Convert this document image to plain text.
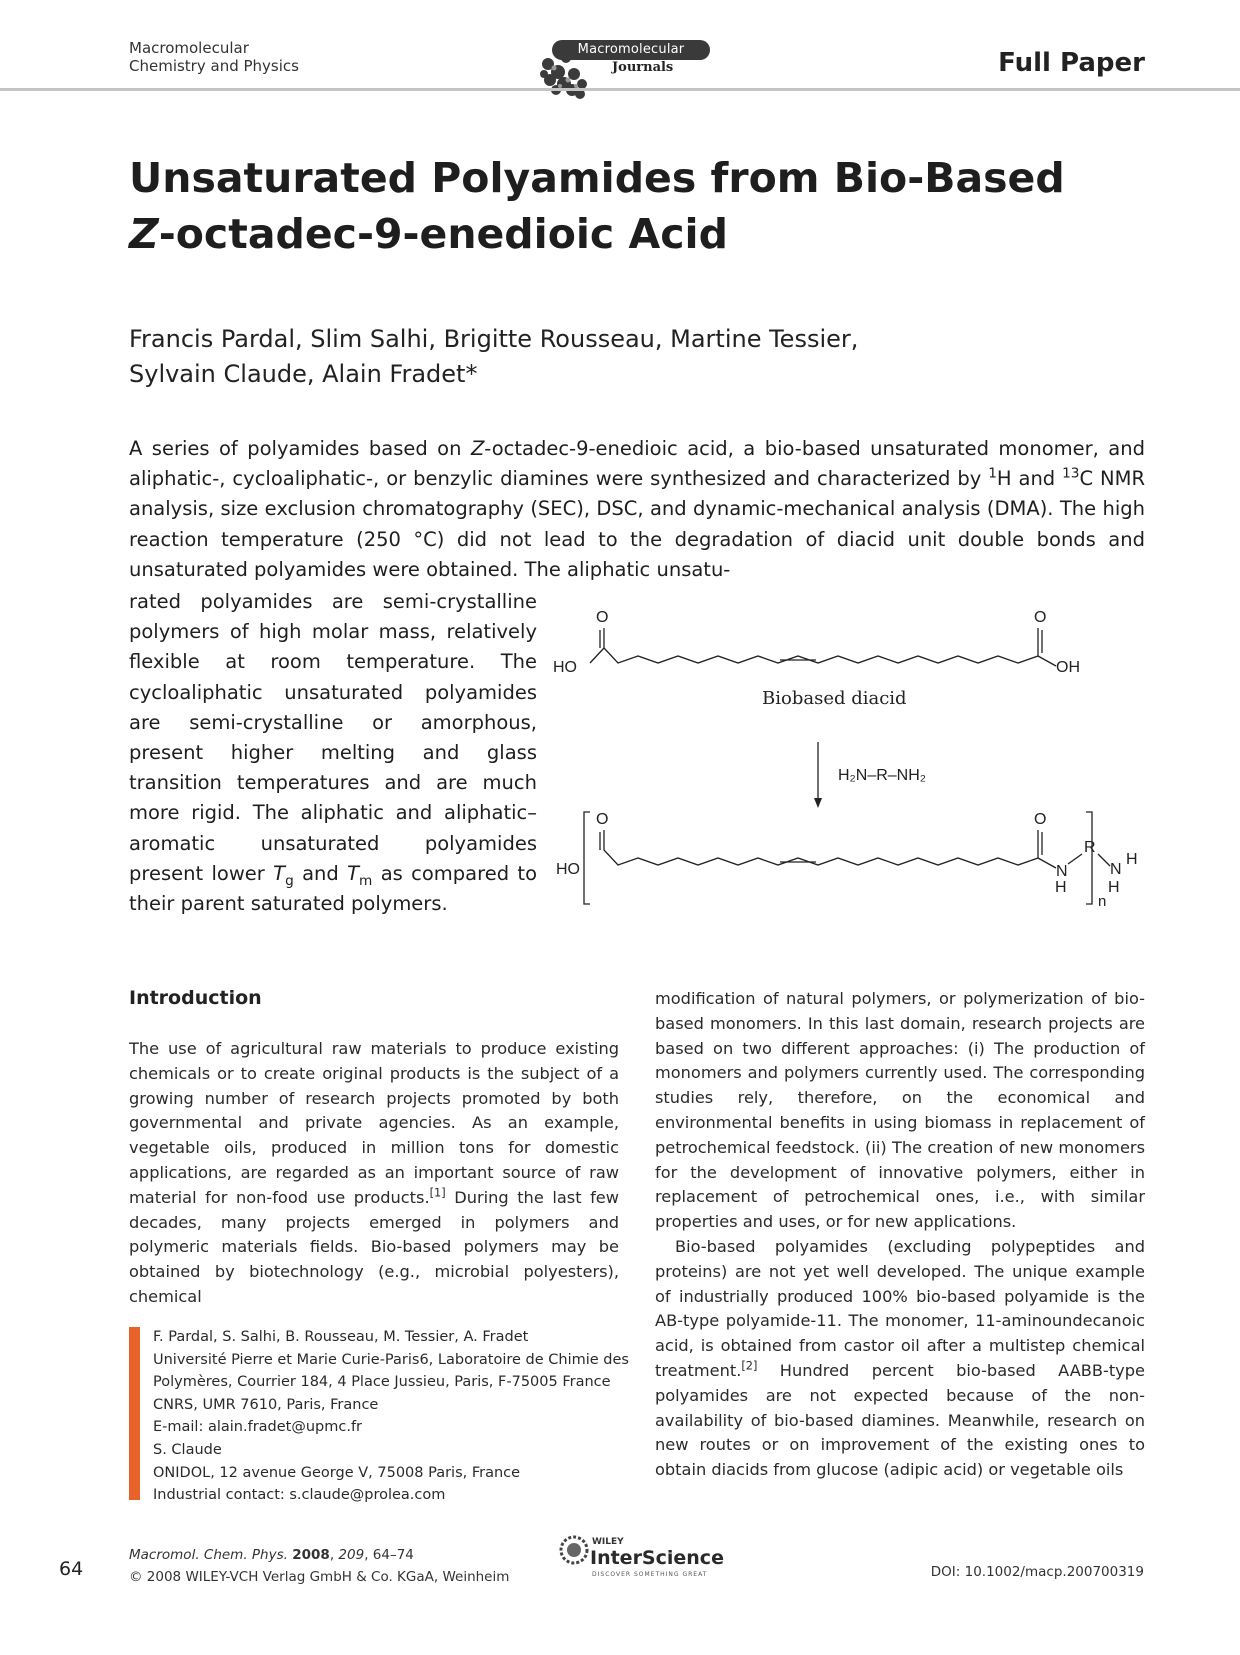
Macromolecular
Chemistry and Physics
Macromolecular
Journals	Full Paper
Unsaturated Polyamides from Bio-Based
Z-octadec-9-enedioic Acid
Francis Pardal, Slim Salhi, Brigitte Rousseau, Martine Tessier,
Sylvain Claude, Alain Fradet*
A series of polyamides based on Z-octadec-9-enedioic acid, a bio-based unsaturated monomer, and aliphatic-, cycloaliphatic-, or benzylic diamines were synthesized and characterized by $^1$H and $^{13}$C NMR analysis, size exclusion chromatography (SEC), DSC, and dynamic-mechanical analysis (DMA). The high reaction temperature (250 °C) did not lead to the degradation of diacid unit double bonds and unsaturated polyamides were obtained. The aliphatic unsatu-
rated polyamides are semi-crystalline polymers of high molar mass, relatively flexible at room temperature. The cycloaliphatic unsaturated polyamides are semi-crystalline or amorphous, present higher melting and glass transition temperatures and are much more rigid. The aliphatic and aliphatic–aromatic unsaturated polyamides present lower $T_g$ and $T_m$ as compared to their parent saturated polymers.
O	O
HO	OH
Biobased diacid
H₂N–R–NH₂
O	O
HO	N
H
R
N
H
H
n
Introduction

The use of agricultural raw materials to produce existing chemicals or to create original products is the subject of a growing number of research projects promoted by both governmental and private agencies. As an example, vegetable oils, produced in million tons for domestic applications, are regarded as an important source of raw material for non-food use products.[1] During the last few decades, many projects emerged in polymers and polymeric materials fields. Bio-based polymers may be obtained by biotechnology (e.g., microbial polyesters), chemical

modification of natural polymers, or polymerization of bio-based monomers. In this last domain, research projects are based on two different approaches: (i) The production of monomers and polymers currently used. The corresponding studies rely, therefore, on the economical and environmental benefits in using biomass in replacement of petrochemical feedstock. (ii) The creation of new monomers for the development of innovative polymers, either in replacement of petrochemical ones, i.e., with similar properties and uses, or for new applications.

Bio-based polyamides (excluding polypeptides and proteins) are not yet well developed. The unique example of industrially produced 100% bio-based polyamide is the AB-type polyamide-11. The monomer, 11-aminoundecanoic acid, is obtained from castor oil after a multistep chemical treatment.[2] Hundred percent bio-based AABB-type polyamides are not expected because of the non-availability of bio-based diamines. Meanwhile, research on new routes or on improvement of the existing ones to obtain diacids from glucose (adipic acid) or vegetable oils

F. Pardal, S. Salhi, B. Rousseau, M. Tessier, A. Fradet
Université Pierre et Marie Curie-Paris6, Laboratoire de Chimie des
Polymères, Courrier 184, 4 Place Jussieu, Paris, F-75005 France
CNRS, UMR 7610, Paris, France
E-mail: alain.fradet@upmc.fr
S. Claude
ONIDOL, 12 avenue George V, 75008 Paris, France
Industrial contact: s.claude@prolea.com
64
Macromol. Chem. Phys. 2008, 209, 64–74
© 2008 WILEY-VCH Verlag GmbH & Co. KGaA, Weinheim
WILEY
InterScience
DISCOVER SOMETHING GREAT	DOI: 10.1002/macp.200700319
